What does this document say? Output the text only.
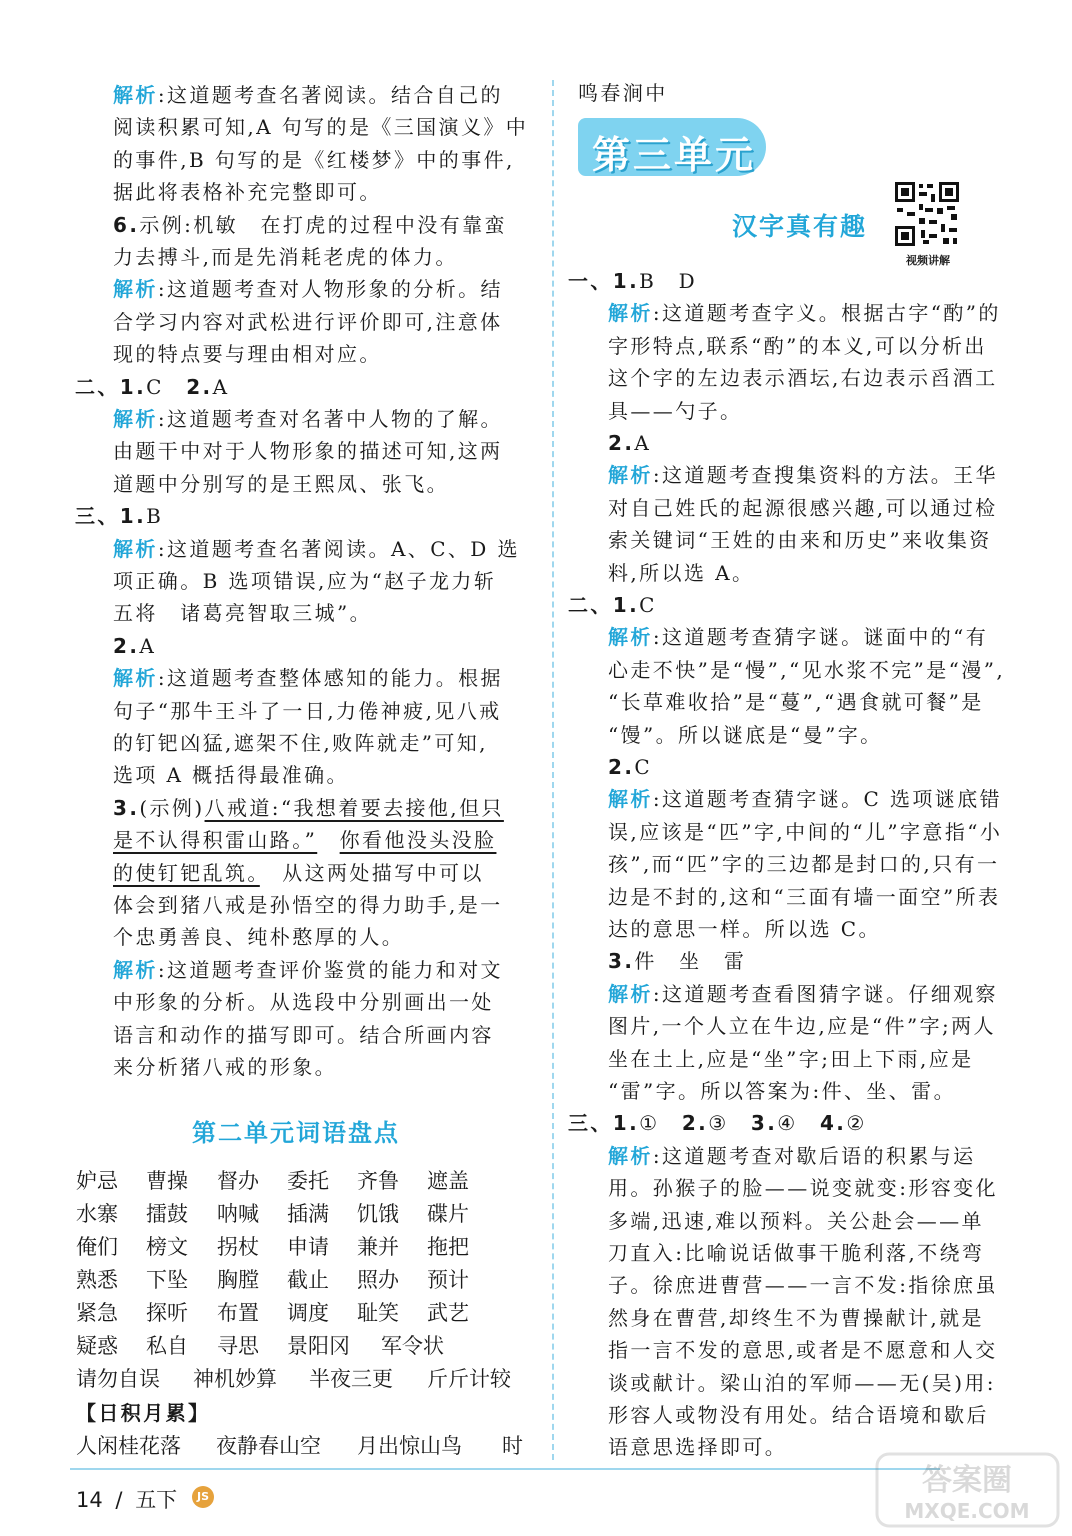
解析:这道题考查名著阅读。结合自己的
阅读积累可知,A 句写的是《三国演义》中
的事件,B 句写的是《红楼梦》中的事件,
据此将表格补充完整即可。
6.示例:机敏　在打虎的过程中没有靠蛮
力去搏斗,而是先消耗老虎的体力。
解析:这道题考查对人物形象的分析。结
合学习内容对武松进行评价即可,注意体
现的特点要与理由相对应。
二、1.C　2.A
解析:这道题考查对名著中人物的了解。
由题干中对于人物形象的描述可知,这两
道题中分别写的是王熙凤、张飞。
三、1.B
解析:这道题考查名著阅读。A、C、D 选
项正确。B 选项错误,应为“赵子龙力斩
五将　诸葛亮智取三城”。
2.A
解析:这道题考查整体感知的能力。根据
句子“那牛王斗了一日,力倦神疲,见八戒
的钉钯凶猛,遮架不住,败阵就走”可知,
选项 A 概括得最准确。
3.(示例)八戒道:“我想着要去接他,但只
是不认得积雷山路。”　 你看他没头没脸
的使钉钯乱筑。　从这两处描写中可以
体会到猪八戒是孙悟空的得力助手,是一
个忠勇善良、纯朴憨厚的人。
解析:这道题考查评价鉴赏的能力和对文
中形象的分析。从选段中分别画出一处
语言和动作的描写即可。结合所画内容
来分析猪八戒的形象。
第二单元词语盘点
妒忌 曹操 督办 委托 齐鲁 遮盖
水寨 擂鼓 呐喊 插满 饥饿 碟片
俺们 榜文 拐杖 申请 兼并 拖把
熟悉 下坠 胸膛 截止 照办 预计
紧急 探听 布置 调度 耻笑 武艺
疑惑 私自 寻思 景阳冈 军令状
请勿自误 神机妙算 半夜三更 斤斤计较
【日积月累】
人闲桂花落 夜静春山空 月出惊山鸟 时
鸣春涧中
第三单元
汉字真有趣
视频讲解
一、1.B　D
解析:这道题考查字义。根据古字“酌”的
字形特点,联系“酌”的本义,可以分析出
这个字的左边表示酒坛,右边表示舀酒工
具——勺子。
2.A
解析:这道题考查搜集资料的方法。王华
对自己姓氏的起源很感兴趣,可以通过检
索关键词“王姓的由来和历史”来收集资
料,所以选 A。
二、1.C
解析:这道题考查猜字谜。谜面中的“有
心走不快”是“慢”,“见水浆不完”是“漫”,
“长草难收拾”是“蔓”,“遇食就可餐”是
“馒”。所以谜底是“曼”字。
2.C
解析:这道题考查猜字谜。C 选项谜底错
误,应该是“匹”字,中间的“儿”字意指“小
孩”,而“匹”字的三边都是封口的,只有一
边是不封的,这和“三面有墙一面空”所表
达的意思一样。所以选 C。
3.件　坐　雷
解析:这道题考查看图猜字谜。仔细观察
图片,一个人立在牛边,应是“件”字;两人
坐在土上,应是“坐”字;田上下雨,应是
“雷”字。所以答案为:件、坐、雷。
三、1.①　2.③　3.④　4.②
解析:这道题考查对歇后语的积累与运
用。孙猴子的脸——说变就变:形容变化
多端,迅速,难以预料。关公赴会——单
刀直入:比喻说话做事干脆利落,不绕弯
子。徐庶进曹营——一言不发:指徐庶虽
然身在曹营,却终生不为曹操献计,就是
指一言不发的意思,或者是不愿意和人交
谈或献计。梁山泊的军师——无(吴)用:
形容人或物没有用处。结合语境和歇后
语意思选择即可。
14 / 五下	JS	答案圈
MXQE.COM
